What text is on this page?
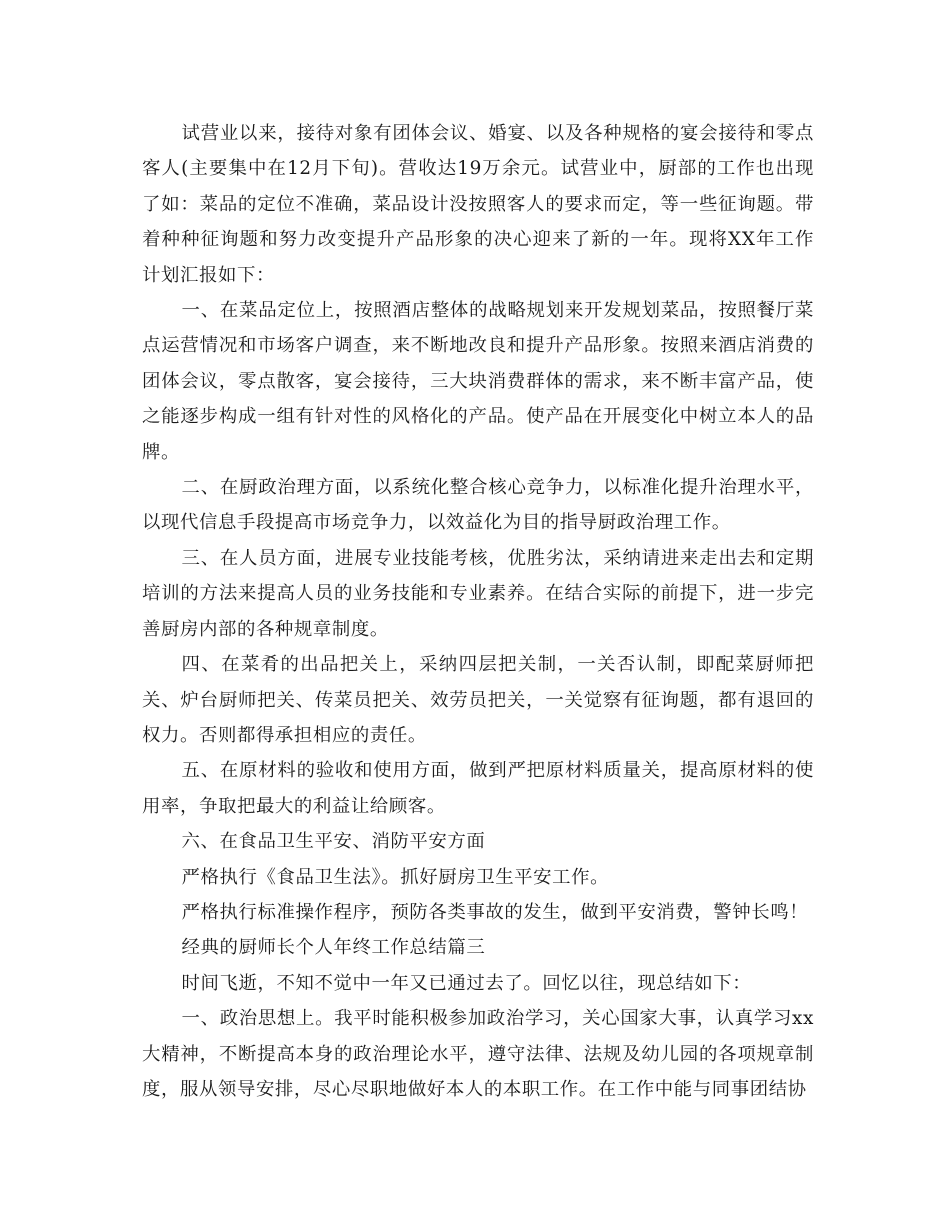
试营业以来，接待对象有团体会议、婚宴、以及各种规格的宴会接待和零点客人(主要集中在12月下旬)。营收达19万余元。试营业中，厨部的工作也出现了如：菜品的定位不准确，菜品设计没按照客人的要求而定，等一些征询题。带着种种征询题和努力改变提升产品形象的决心迎来了新的一年。现将XX年工作计划汇报如下：

一、在菜品定位上，按照酒店整体的战略规划来开发规划菜品，按照餐厅菜点运营情况和市场客户调查，来不断地改良和提升产品形象。按照来酒店消费的团体会议，零点散客，宴会接待，三大块消费群体的需求，来不断丰富产品，使之能逐步构成一组有针对性的风格化的产品。使产品在开展变化中树立本人的品牌。

二、在厨政治理方面，以系统化整合核心竞争力，以标准化提升治理水平，以现代信息手段提高市场竞争力，以效益化为目的指导厨政治理工作。

三、在人员方面，进展专业技能考核，优胜劣汰，采纳请进来走出去和定期培训的方法来提高人员的业务技能和专业素养。在结合实际的前提下，进一步完善厨房内部的各种规章制度。

四、在菜肴的出品把关上，采纳四层把关制，一关否认制，即配菜厨师把关、炉台厨师把关、传菜员把关、效劳员把关，一关觉察有征询题，都有退回的权力。否则都得承担相应的责任。

五、在原材料的验收和使用方面，做到严把原材料质量关，提高原材料的使用率，争取把最大的利益让给顾客。

六、在食品卫生平安、消防平安方面

严格执行《食品卫生法》。抓好厨房卫生平安工作。

严格执行标准操作程序，预防各类事故的发生，做到平安消费，警钟长鸣！

经典的厨师长个人年终工作总结篇三

时间飞逝，不知不觉中一年又已通过去了。回忆以往，现总结如下：

一、政治思想上。我平时能积极参加政治学习，关心国家大事，认真学习xx大精神，不断提高本身的政治理论水平，遵守法律、法规及幼儿园的各项规章制度，服从领导安排，尽心尽职地做好本人的本职工作。在工作中能与同事团结协
